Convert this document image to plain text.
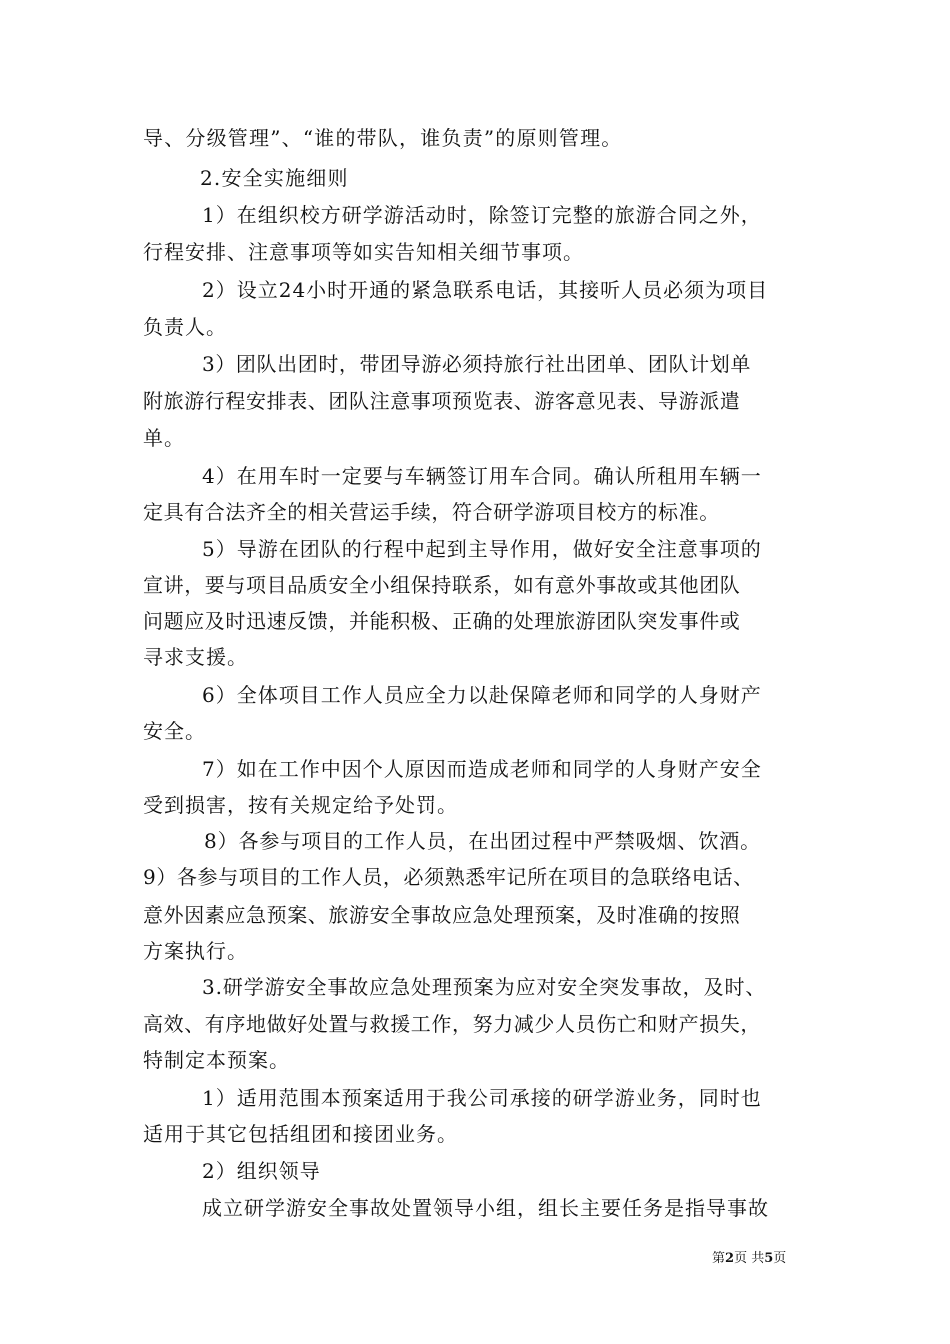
导、分级管理”、“谁的带队，谁负责”的原则管理。

2.安全实施细则

1）在组织校方研学游活动时，除签订完整的旅游合同之外，

行程安排、注意事项等如实告知相关细节事项。

2）设立24小时开通的紧急联系电话，其接听人员必须为项目

负责人。

3）团队出团时，带团导游必须持旅行社出团单、团队计划单

附旅游行程安排表、团队注意事项预览表、游客意见表、导游派遣

单。

4）在用车时一定要与车辆签订用车合同。确认所租用车辆一

定具有合法齐全的相关营运手续，符合研学游项目校方的标准。

5）导游在团队的行程中起到主导作用，做好安全注意事项的

宣讲，要与项目品质安全小组保持联系，如有意外事故或其他团队

问题应及时迅速反馈，并能积极、正确的处理旅游团队突发事件或

寻求支援。

6）全体项目工作人员应全力以赴保障老师和同学的人身财产

安全。

7）如在工作中因个人原因而造成老师和同学的人身财产安全

受到损害，按有关规定给予处罚。

8）各参与项目的工作人员，在出团过程中严禁吸烟、饮酒。

9）各参与项目的工作人员，必须熟悉牢记所在项目的急联络电话、

意外因素应急预案、旅游安全事故应急处理预案，及时准确的按照

方案执行。

3.研学游安全事故应急处理预案为应对安全突发事故，及时、

高效、有序地做好处置与救援工作，努力减少人员伤亡和财产损失，

特制定本预案。

1）适用范围本预案适用于我公司承接的研学游业务，同时也

适用于其它包括组团和接团业务。

2）组织领导

成立研学游安全事故处置领导小组，组长主要任务是指导事故

第2页 共5页
